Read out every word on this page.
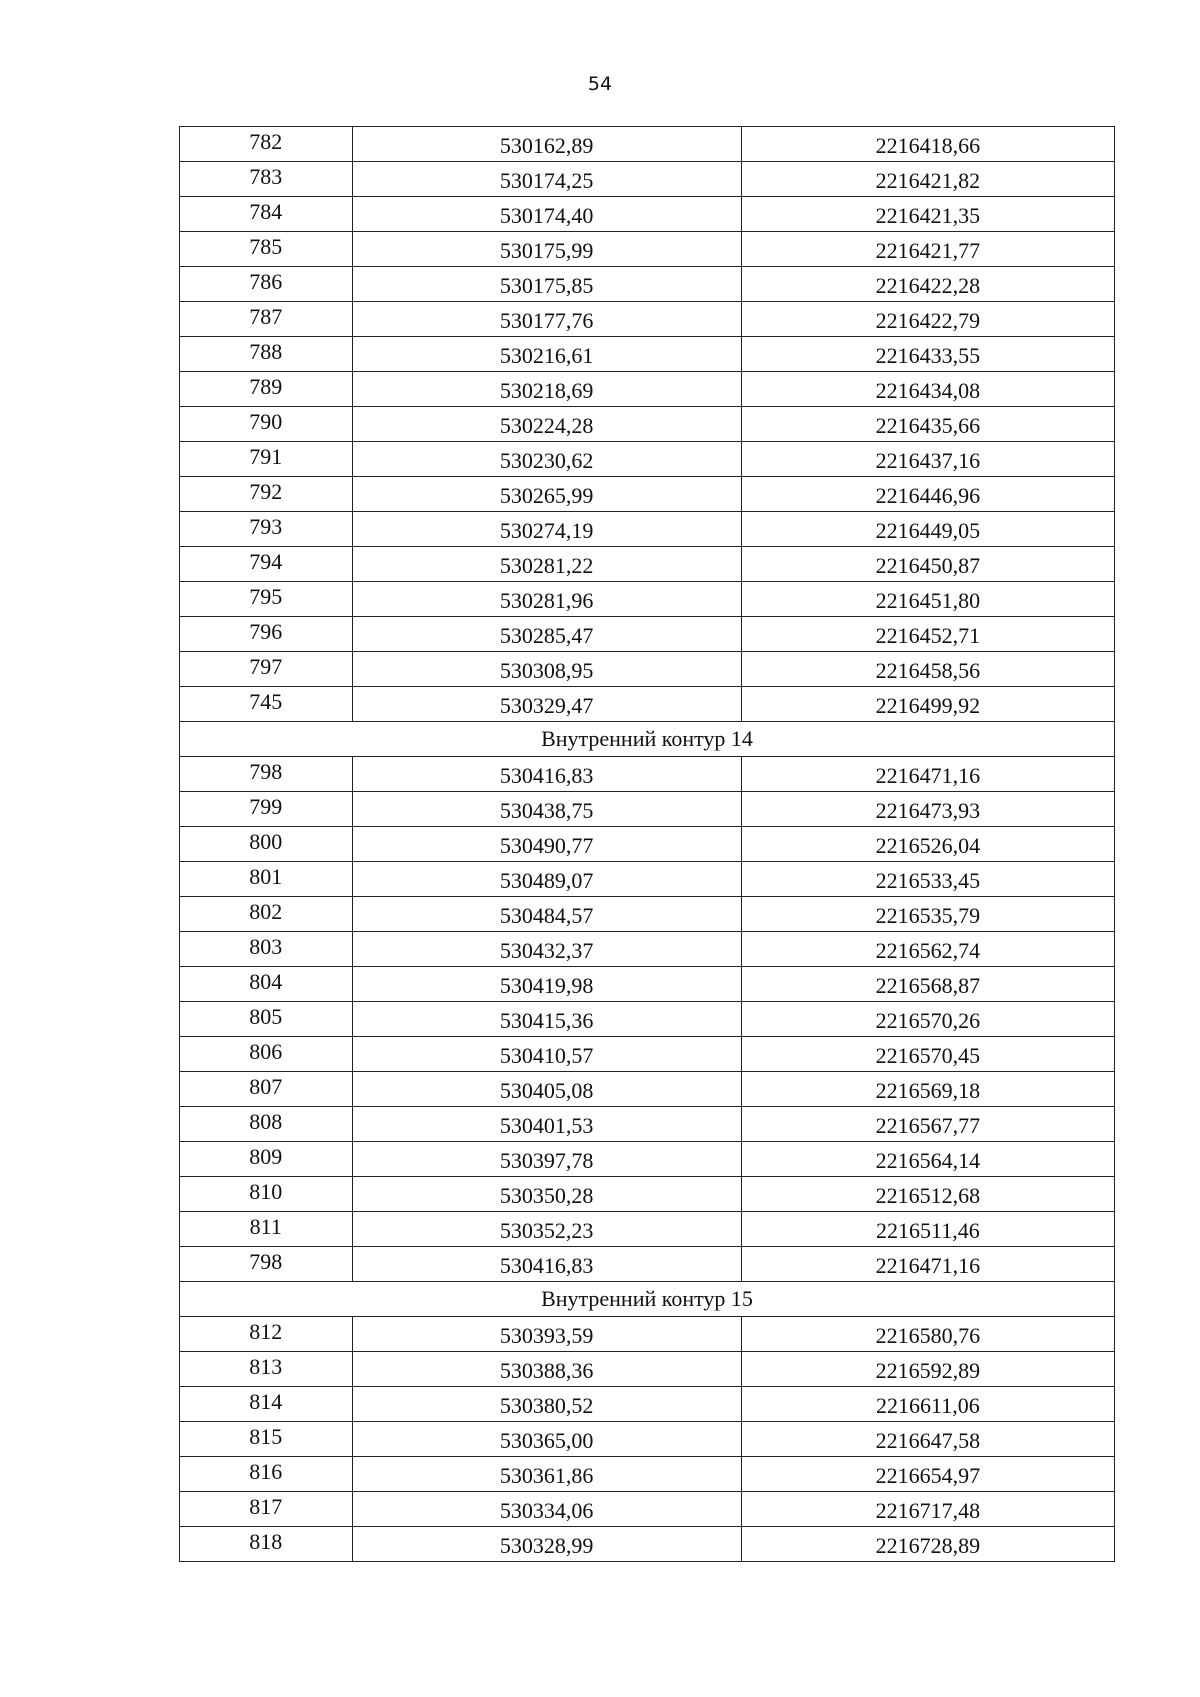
54
782	530162,89	2216418,66
783	530174,25	2216421,82
784	530174,40	2216421,35
785	530175,99	2216421,77
786	530175,85	2216422,28
787	530177,76	2216422,79
788	530216,61	2216433,55
789	530218,69	2216434,08
790	530224,28	2216435,66
791	530230,62	2216437,16
792	530265,99	2216446,96
793	530274,19	2216449,05
794	530281,22	2216450,87
795	530281,96	2216451,80
796	530285,47	2216452,71
797	530308,95	2216458,56
745	530329,47	2216499,92
Внутренний контур 14		
798	530416,83	2216471,16
799	530438,75	2216473,93
800	530490,77	2216526,04
801	530489,07	2216533,45
802	530484,57	2216535,79
803	530432,37	2216562,74
804	530419,98	2216568,87
805	530415,36	2216570,26
806	530410,57	2216570,45
807	530405,08	2216569,18
808	530401,53	2216567,77
809	530397,78	2216564,14
810	530350,28	2216512,68
811	530352,23	2216511,46
798	530416,83	2216471,16
Внутренний контур 15		
812	530393,59	2216580,76
813	530388,36	2216592,89
814	530380,52	2216611,06
815	530365,00	2216647,58
816	530361,86	2216654,97
817	530334,06	2216717,48
818	530328,99	2216728,89
